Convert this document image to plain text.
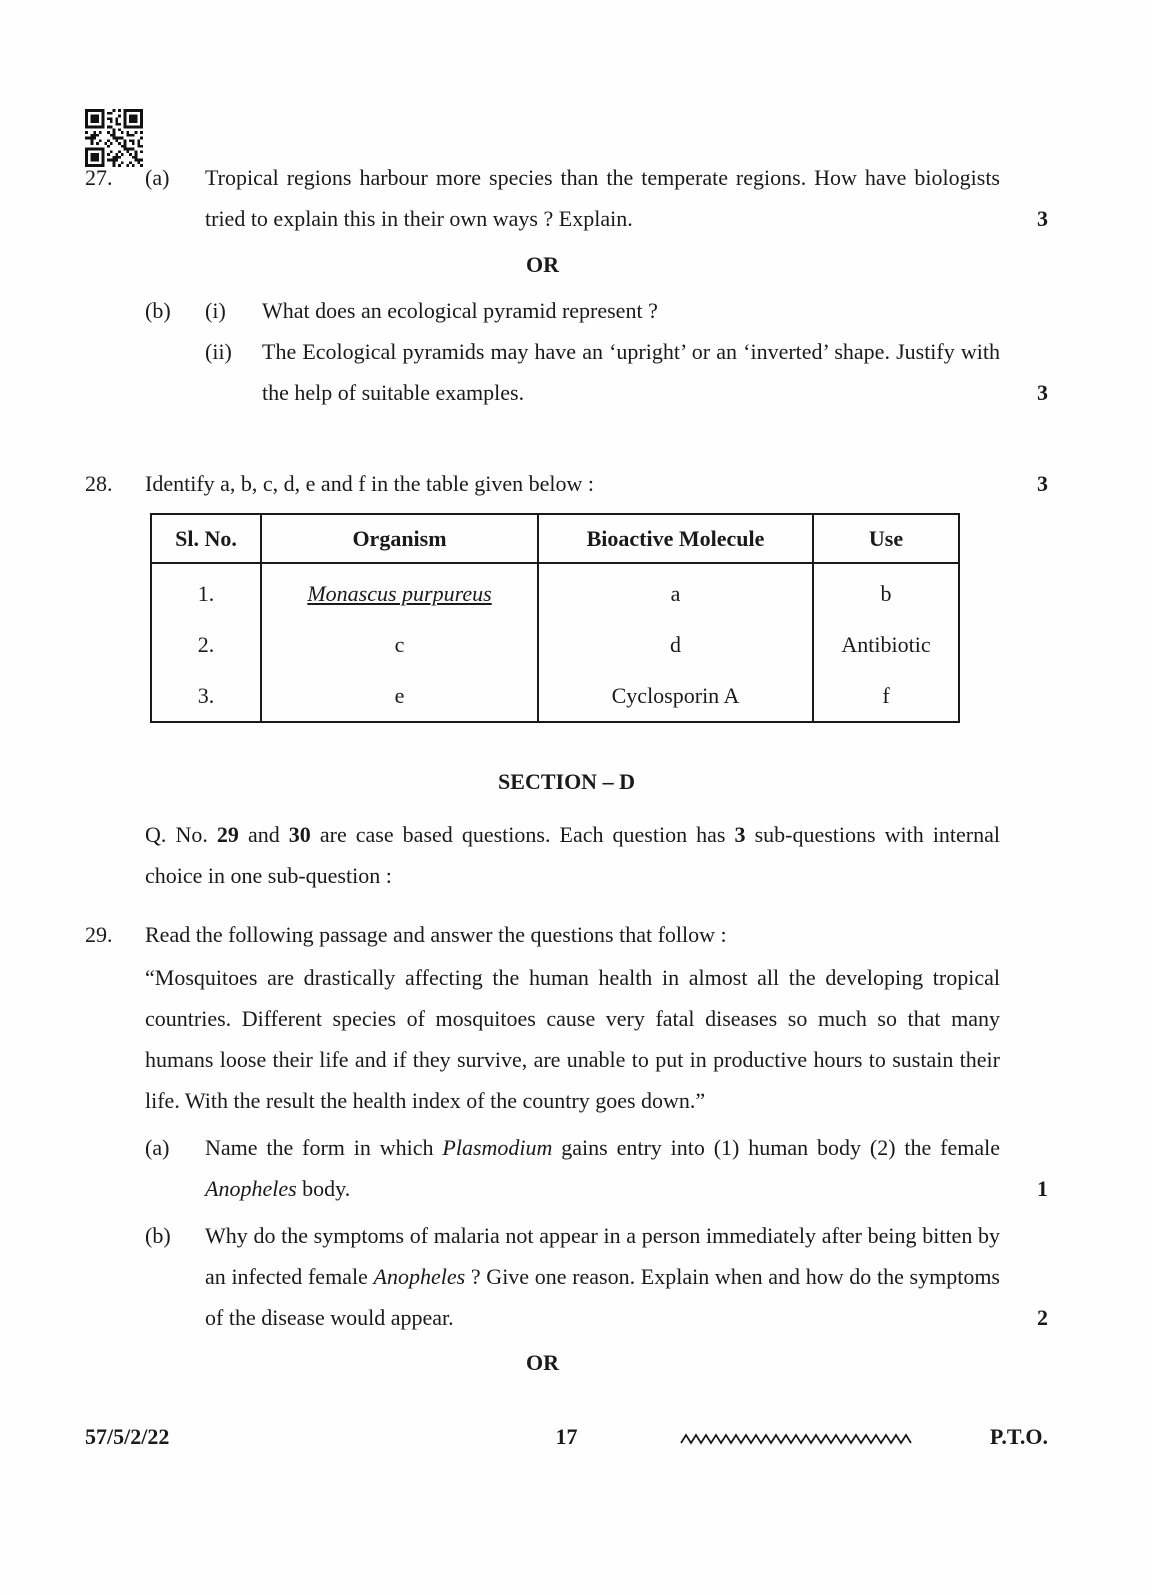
27.	(a)	Tropical regions harbour more species than the temperate regions. How have biologists tried to explain this in their own ways ? Explain.	3
OR
(b)	(i)	What does an ecological pyramid represent ?

(ii)	The Ecological pyramids may have an ‘upright’ or an ‘inverted’ shape. Justify with the help of suitable examples.	3
28.	Identify a, b, c, d, e and f in the table given below :	3
Sl. No.	Organism	Bioactive Molecule	Use
1.	Monascus purpureus	a	b
2.	c	d	Antibiotic
3.	e	Cyclosporin A	f
SECTION – D

Q. No. 29 and 30 are case based questions. Each question has 3 sub-questions with internal choice in one sub-question :

29.	Read the following passage and answer the questions that follow :

“Mosquitoes are drastically affecting the human health in almost all the developing tropical countries. Different species of mosquitoes cause very fatal diseases so much so that many humans loose their life and if they survive, are unable to put in productive hours to sustain their life. With the result the health index of the country goes down.”

(a)	Name the form in which Plasmodium gains entry into (1) human body (2) the female Anopheles body.	1
(b)	Why do the symptoms of malaria not appear in a person immediately after being bitten by an infected female Anopheles ? Give one reason. Explain when and how do the symptoms of the disease would appear.	2
OR
57/5/2/22	17	P.T.O.
